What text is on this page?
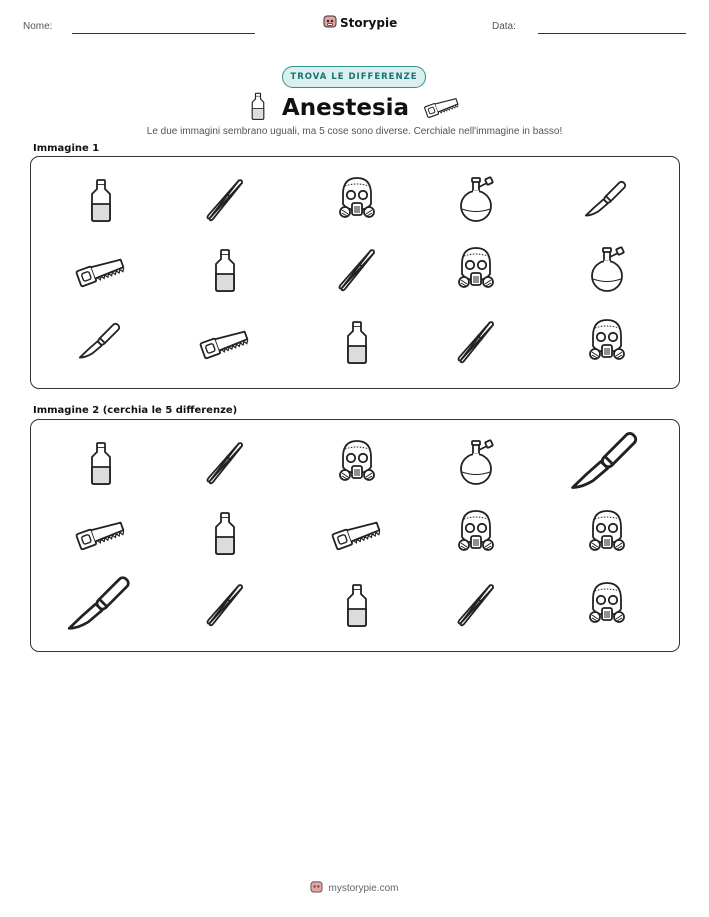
Nome:	Storypie	Data:
TROVA LE DIFFERENZE
Anestesia
Le due immagini sembrano uguali, ma 5 cose sono diverse. Cerchiale nell'immagine in basso!
Immagine 1
Immagine 2 (cerchia le 5 differenze)
mystorypie.com
